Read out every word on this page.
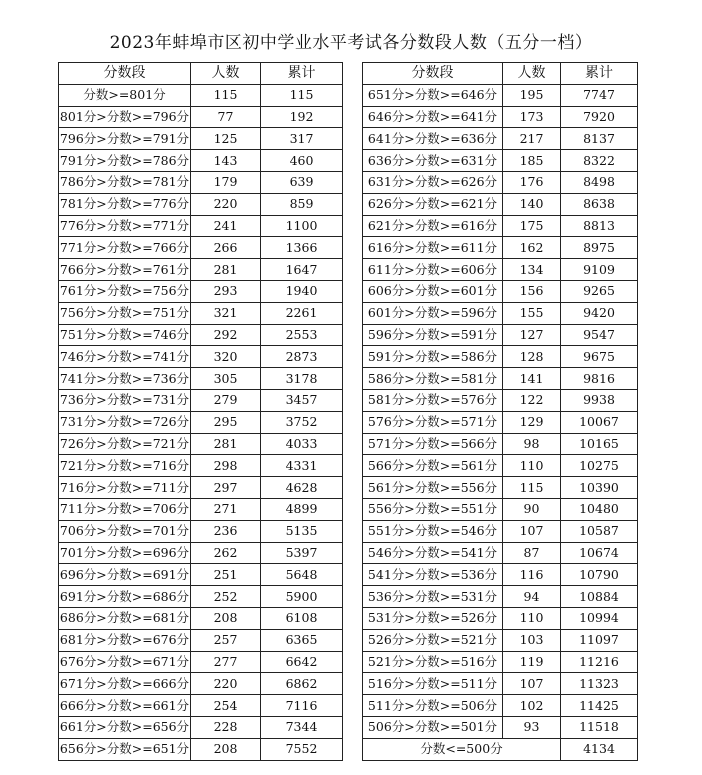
2023年蚌埠市区初中学业水平考试各分数段人数（五分一档）
分数段	人数	累计
分数>=801分	115	115
801分>分数>=796分	77	192
796分>分数>=791分	125	317
791分>分数>=786分	143	460
786分>分数>=781分	179	639
781分>分数>=776分	220	859
776分>分数>=771分	241	1100
771分>分数>=766分	266	1366
766分>分数>=761分	281	1647
761分>分数>=756分	293	1940
756分>分数>=751分	321	2261
751分>分数>=746分	292	2553
746分>分数>=741分	320	2873
741分>分数>=736分	305	3178
736分>分数>=731分	279	3457
731分>分数>=726分	295	3752
726分>分数>=721分	281	4033
721分>分数>=716分	298	4331
716分>分数>=711分	297	4628
711分>分数>=706分	271	4899
706分>分数>=701分	236	5135
701分>分数>=696分	262	5397
696分>分数>=691分	251	5648
691分>分数>=686分	252	5900
686分>分数>=681分	208	6108
681分>分数>=676分	257	6365
676分>分数>=671分	277	6642
671分>分数>=666分	220	6862
666分>分数>=661分	254	7116
661分>分数>=656分	228	7344
656分>分数>=651分	208	7552
分数段	人数	累计
651分>分数>=646分	195	7747
646分>分数>=641分	173	7920
641分>分数>=636分	217	8137
636分>分数>=631分	185	8322
631分>分数>=626分	176	8498
626分>分数>=621分	140	8638
621分>分数>=616分	175	8813
616分>分数>=611分	162	8975
611分>分数>=606分	134	9109
606分>分数>=601分	156	9265
601分>分数>=596分	155	9420
596分>分数>=591分	127	9547
591分>分数>=586分	128	9675
586分>分数>=581分	141	9816
581分>分数>=576分	122	9938
576分>分数>=571分	129	10067
571分>分数>=566分	98	10165
566分>分数>=561分	110	10275
561分>分数>=556分	115	10390
556分>分数>=551分	90	10480
551分>分数>=546分	107	10587
546分>分数>=541分	87	10674
541分>分数>=536分	116	10790
536分>分数>=531分	94	10884
531分>分数>=526分	110	10994
526分>分数>=521分	103	11097
521分>分数>=516分	119	11216
516分>分数>=511分	107	11323
511分>分数>=506分	102	11425
506分>分数>=501分	93	11518
分数<=500分		4134
